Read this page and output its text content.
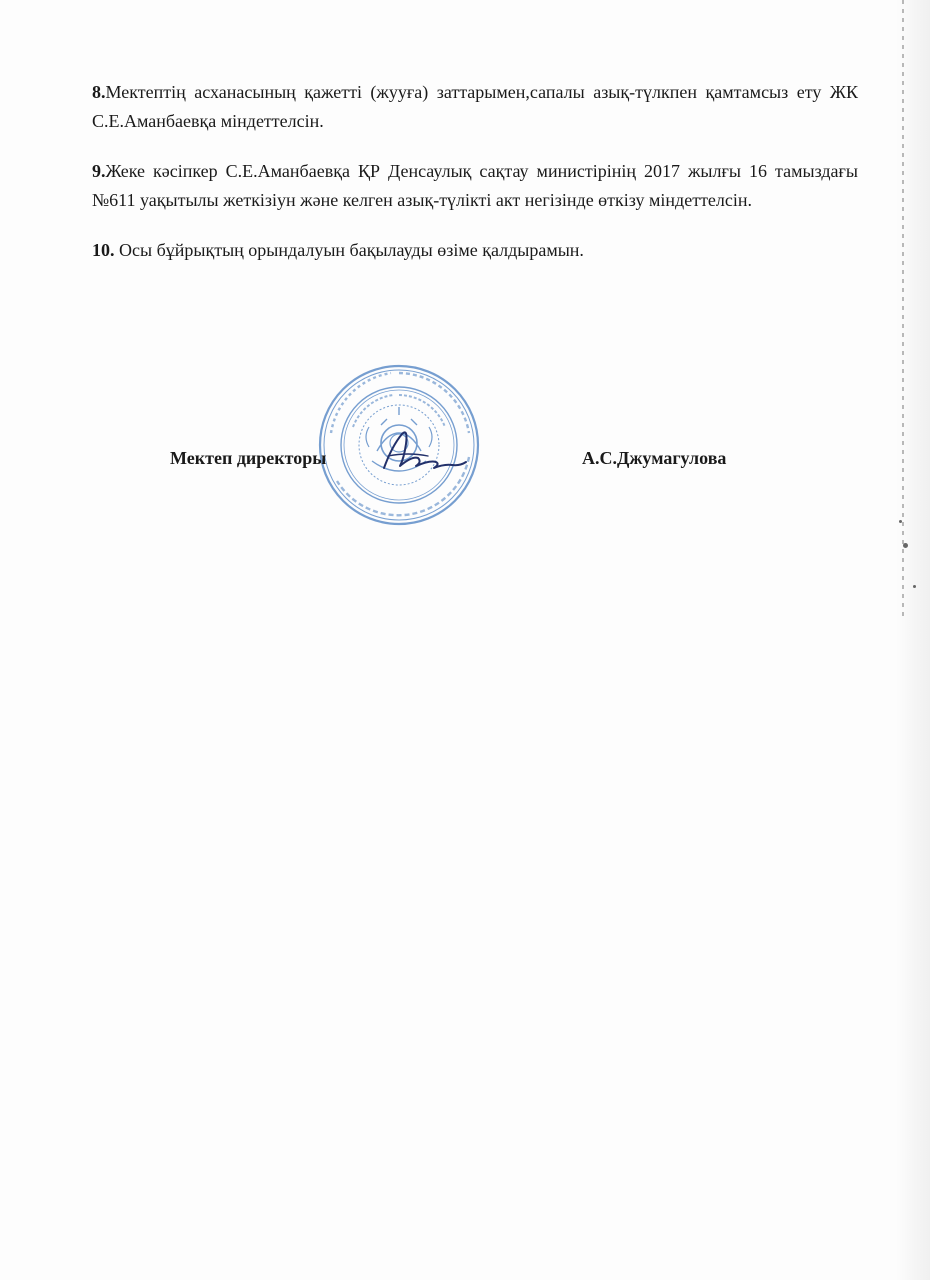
8.Мектептің асханасының қажетті (жууға) заттарымен,сапалы азық-түлкпен қамтамсыз ету ЖК С.Е.Аманбаевқа міндеттелсін.

9.Жеке кәсіпкер С.Е.Аманбаевқа ҚР Денсаулық сақтау министірінің 2017 жылғы 16 тамыздағы №611 уақытылы жеткізіун және келген азық-түлікті акт негізінде өткізу міндеттелсін.

10. Осы бұйрықтың орындалуын бақылауды өзіме қалдырамын.

Мектеп директоры	А.С.Джумагулова
